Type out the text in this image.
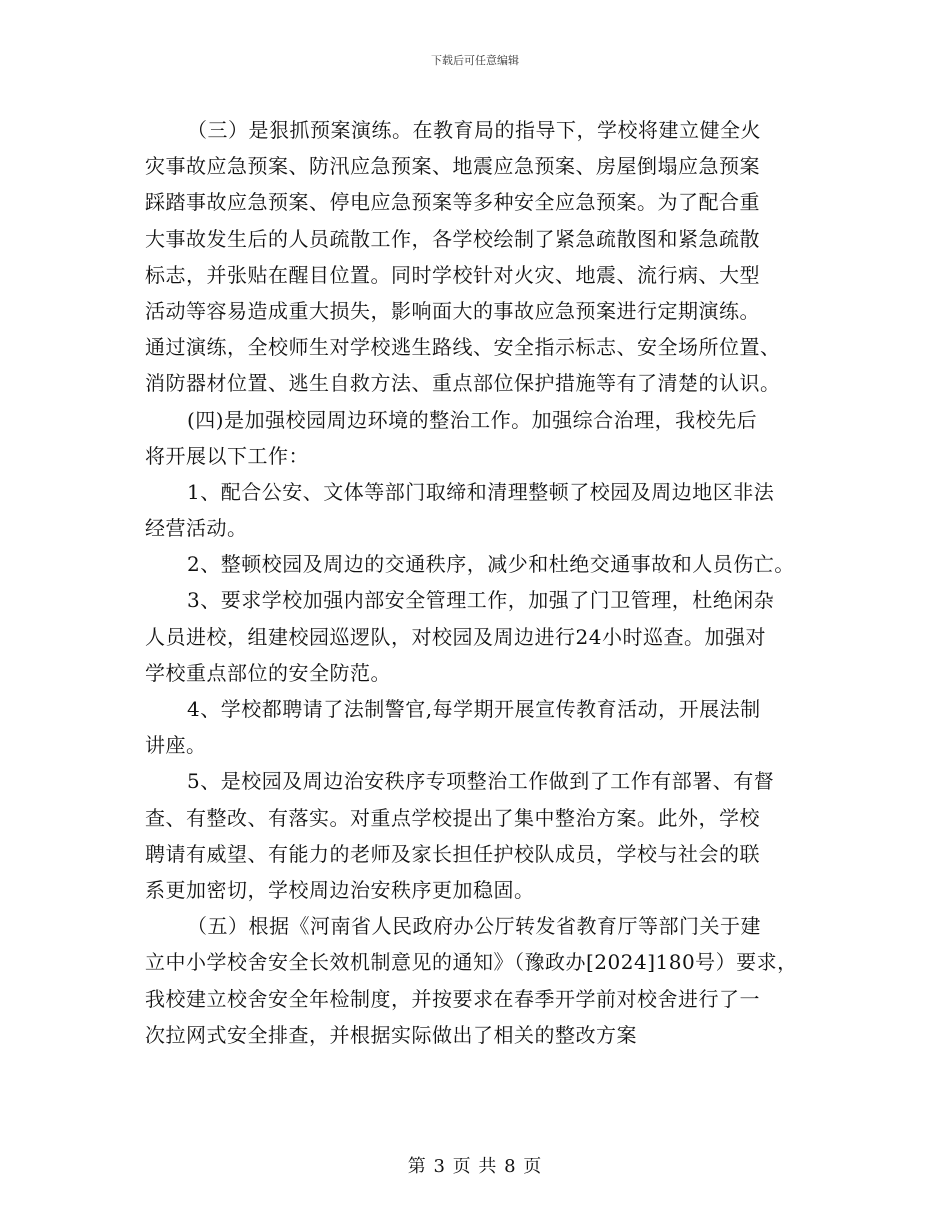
下载后可任意编辑
（三）是狠抓预案演练。在教育局的指导下，学校将建立健全火
灾事故应急预案、防汛应急预案、地震应急预案、房屋倒塌应急预案
踩踏事故应急预案、停电应急预案等多种安全应急预案。为了配合重
大事故发生后的人员疏散工作，各学校绘制了紧急疏散图和紧急疏散
标志，并张贴在醒目位置。同时学校针对火灾、地震、流行病、大型
活动等容易造成重大损失，影响面大的事故应急预案进行定期演练。
通过演练，全校师生对学校逃生路线、安全指示标志、安全场所位置、
消防器材位置、逃生自救方法、重点部位保护措施等有了清楚的认识。
(四)是加强校园周边环境的整治工作。加强综合治理，我校先后
将开展以下工作：
1、配合公安、文体等部门取缔和清理整顿了校园及周边地区非法
经营活动。
2、整顿校园及周边的交通秩序，减少和杜绝交通事故和人员伤亡。
3、要求学校加强内部安全管理工作，加强了门卫管理，杜绝闲杂
人员进校，组建校园巡逻队，对校园及周边进行24小时巡查。加强对
学校重点部位的安全防范。
4、学校都聘请了法制警官,每学期开展宣传教育活动，开展法制
讲座。
5、是校园及周边治安秩序专项整治工作做到了工作有部署、有督
查、有整改、有落实。对重点学校提出了集中整治方案。此外，学校
聘请有威望、有能力的老师及家长担任护校队成员，学校与社会的联
系更加密切，学校周边治安秩序更加稳固。
（五）根据《河南省人民政府办公厅转发省教育厅等部门关于建
立中小学校舍安全长效机制意见的通知》（豫政办[2024]180号）要求，
我校建立校舍安全年检制度，并按要求在春季开学前对校舍进行了一
次拉网式安全排查，并根据实际做出了相关的整改方案
第 3 页 共 8 页
